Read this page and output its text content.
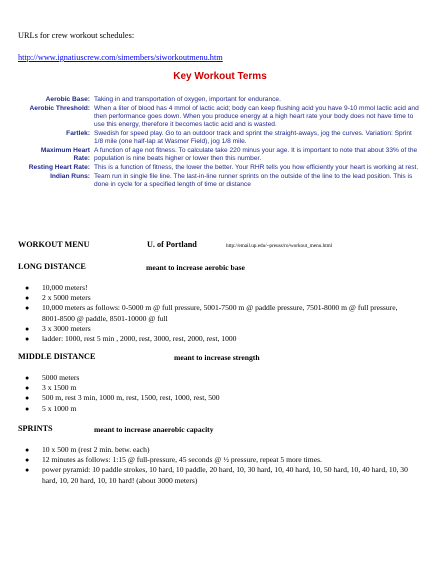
URLs for crew workout schedules:
http://www.ignatiuscrew.com/simembers/siworkoutmenu.htm
Key Workout Terms
Aerobic Base:	Taking in and transportation of oxygen, important for endurance.
Aerobic Threshold:	When a liter of blood has 4 mmol of lactic acid; body can keep flushing acid you have 9-10 mmol lactic acid and then performance goes down. When you produce energy at a high heart rate your body does not have time to use this energy, therefore it becomes lactic acid and is wasted.
Fartlek:	Swedish for speed play. Go to an outdoor track and sprint the straight-aways, jog the curves. Variation: Sprint 1/8 mile (one half-lap at Wasmer Field), jog 1/8 mile.
Maximum Heart Rate:	A function of age not fitness. To calculate take 220 minus your age. It is important to note that about 33% of the population is nine beats higher or lower then this number.
Resting Heart Rate:	This is a function of fitness, the lower the better. Your RHR tells you how efficiently your heart is working at rest.
Indian Runs:	Team run in single file line. The last-in-line runner sprints on the outside of the line to the lead position. This is done in cycle for a specified length of time or distance
WORKOUT MENU	U. of Portland	http://email.up.edu/~preuss/ro/workout_menu.html
LONG DISTANCE	meant to increase aerobic base
● 10,000 meters!
● 2 x 5000 meters
● 10,000 meters as follows: 0-5000 m @ full pressure, 5001-7500 m @ paddle pressure, 7501-8000 m @ full pressure, 8001-8500 @ paddle, 8501-10000 @ full
● 3 x 3000 meters
● ladder: 1000, rest 5 min , 2000, rest, 3000, rest, 2000, rest, 1000
MIDDLE DISTANCE	meant to increase strength
● 5000 meters
● 3 x 1500 m
● 500 m, rest 3 min, 1000 m, rest, 1500, rest, 1000, rest, 500
● 5 x 1000 m
SPRINTS	meant to increase anaerobic capacity
● 10 x 500 m (rest 2 min. betw. each)
● 12 minutes as follows: 1:15 @ full-pressure, 45 seconds @ ½ pressure, repeat 5 more times.
● power pyramid: 10 paddle strokes, 10 hard, 10 paddle, 20 hard, 10, 30 hard, 10, 40 hard, 10, 50 hard, 10, 40 hard, 10, 30 hard, 10, 20 hard, 10, 10 hard! (about 3000 meters)
